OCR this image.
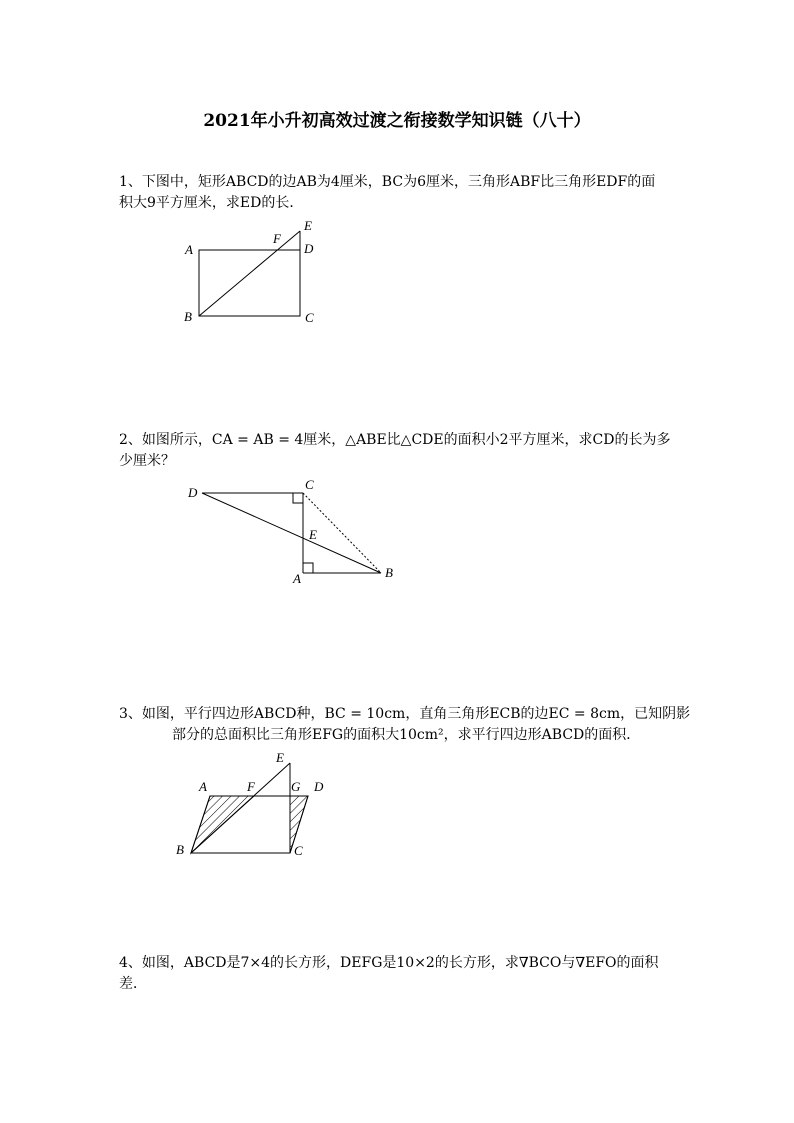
2021年小升初高效过渡之衔接数学知识链（八十）
1、下图中，矩形ABCD的边AB为4厘米，BC为6厘米，三角形ABF比三角形EDF的面
积大9平方厘米，求ED的长．
2、如图所示，CA = AB = 4厘米，△ABE比△CDE的面积小2平方厘米，求CD的长为多
少厘米？
3、如图，平行四边形ABCD种，BC = 10cm，直角三角形ECB的边EC = 8cm，已知阴影
部分的总面积比三角形EFG的面积大10cm²，求平行四边形ABCD的面积．
4、如图，ABCD是7×4的长方形，DEFG是10×2的长方形，求∇BCO与∇EFO的面积
差．
A
B	C
D
E
F
D
C
E
A	B
A	F	G D
E
B	C
